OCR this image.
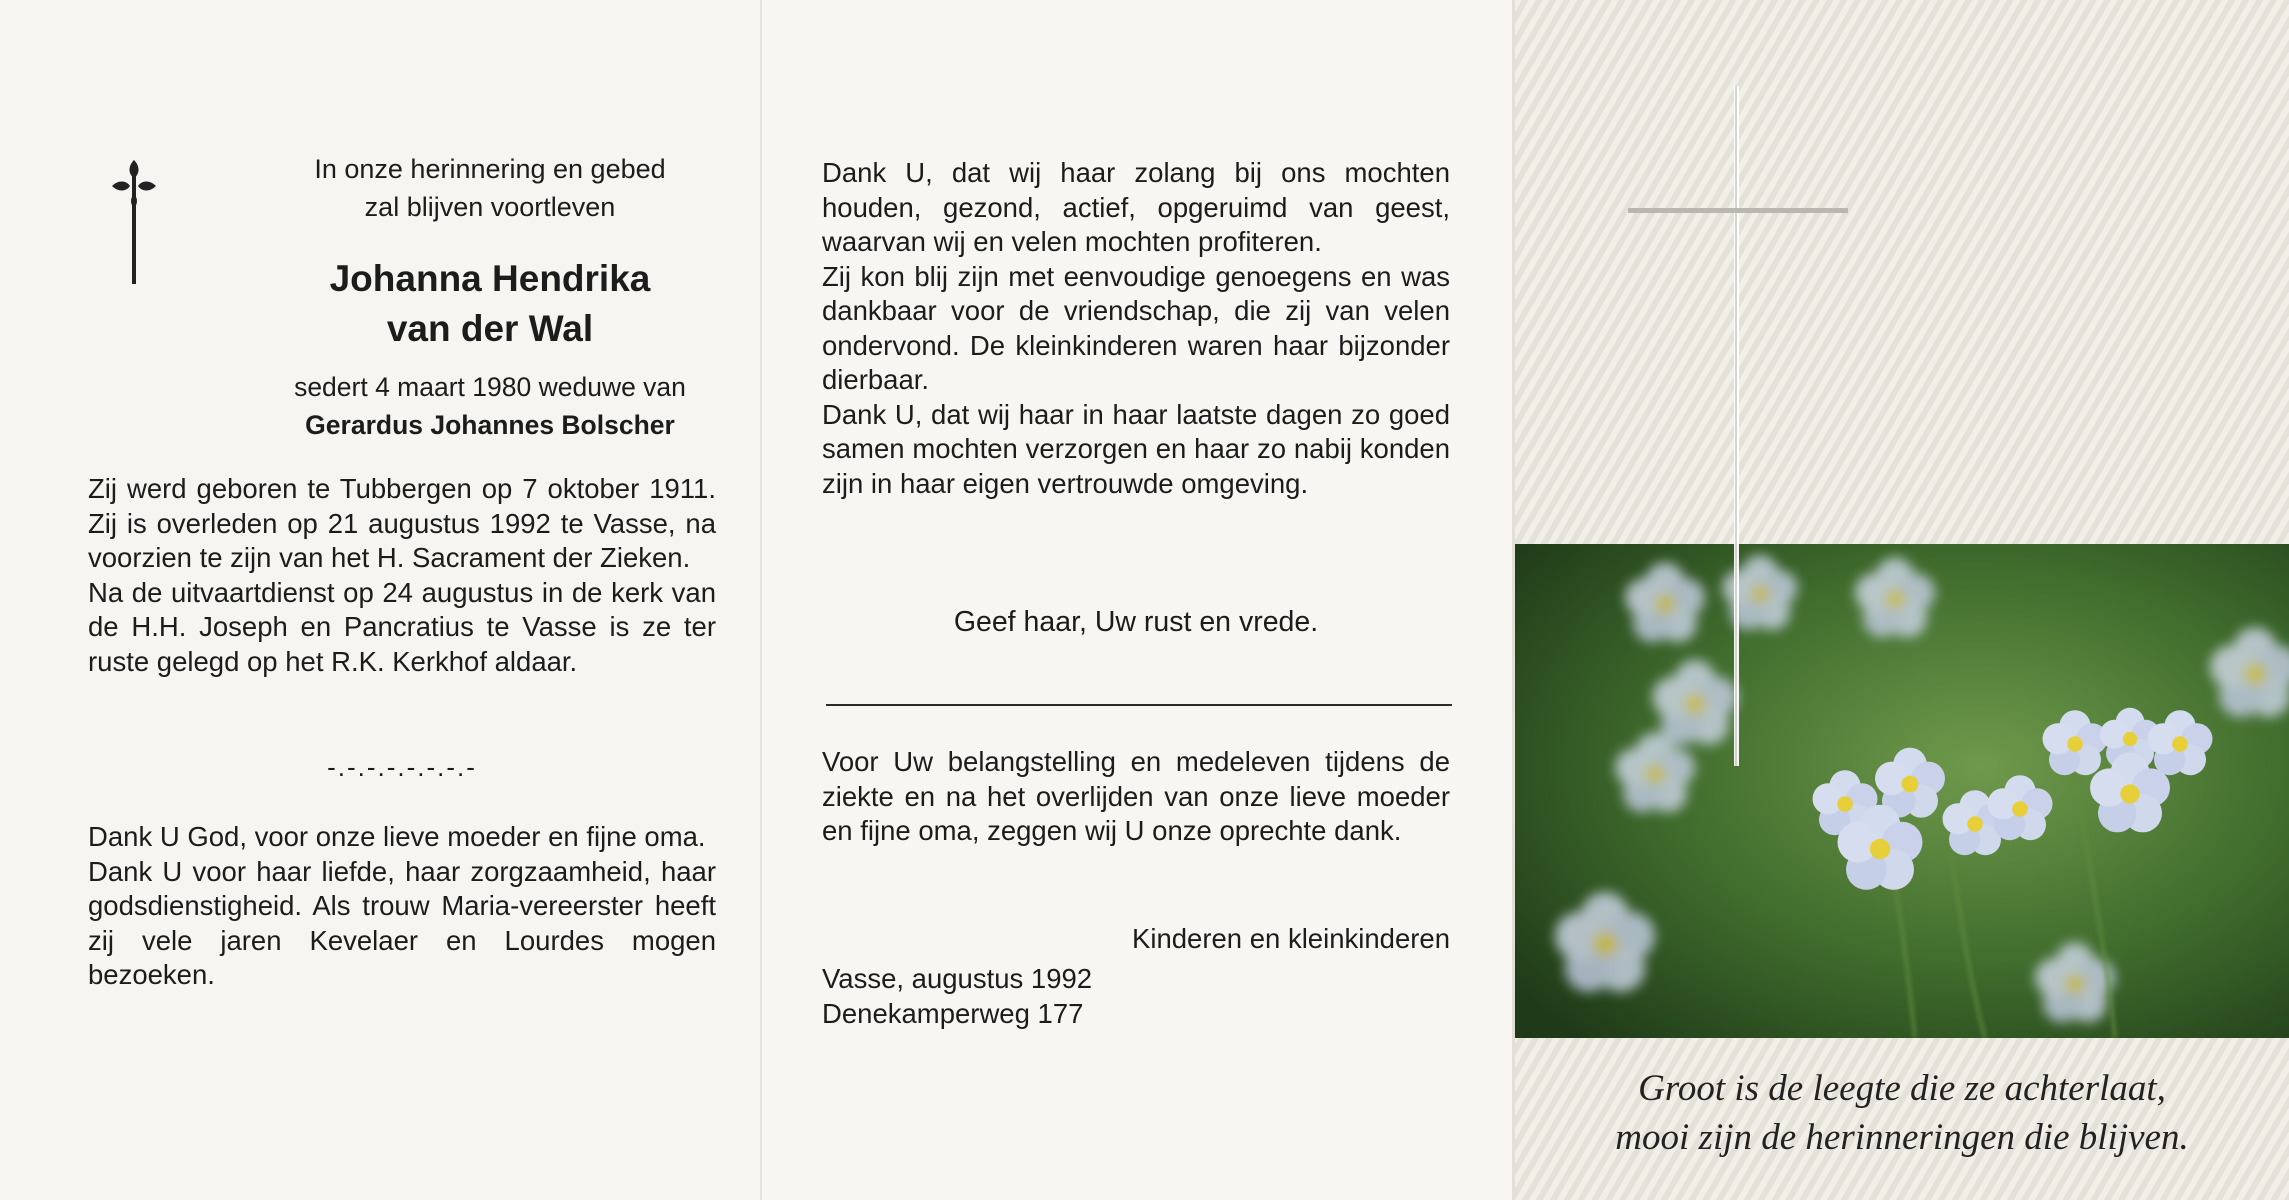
In onze herinnering en gebed
zal blijven voortleven
Johanna Hendrika
van der Wal
sedert 4 maart 1980 weduwe van
Gerardus Johannes Bolscher
Zij werd geboren te Tubbergen op 7 oktober 1911. Zij is overleden op 21 augustus 1992 te Vasse, na voorzien te zijn van het H. Sacrament der Zieken.
Na de uitvaartdienst op 24 augustus in de kerk van de H.H. Joseph en Pancratius te Vasse is ze ter ruste gelegd op het R.K. Kerkhof aldaar.
-.-.-.-.-.-.-.-
Dank U God, voor onze lieve moeder en fijne oma.
Dank U voor haar liefde, haar zorgzaamheid, haar godsdienstigheid. Als trouw Maria-vereerster heeft zij vele jaren Kevelaer en Lourdes mogen bezoeken.
Dank U, dat wij haar zolang bij ons mochten houden, gezond, actief, opgeruimd van geest, waarvan wij en velen mochten profiteren.
Zij kon blij zijn met eenvoudige genoegens en was dankbaar voor de vriendschap, die zij van velen ondervond. De kleinkinderen waren haar bijzonder dierbaar.
Dank U, dat wij haar in haar laatste dagen zo goed samen mochten verzorgen en haar zo nabij konden zijn in haar eigen vertrouwde omgeving.
Geef haar, Uw rust en vrede.
Voor Uw belangstelling en medeleven tijdens de ziekte en na het overlijden van onze lieve moeder en fijne oma, zeggen wij U onze oprechte dank.
Kinderen en kleinkinderen
Vasse, augustus 1992
Denekamperweg 177
Groot is de leegte die ze achterlaat,
mooi zijn de herinneringen die blijven.
